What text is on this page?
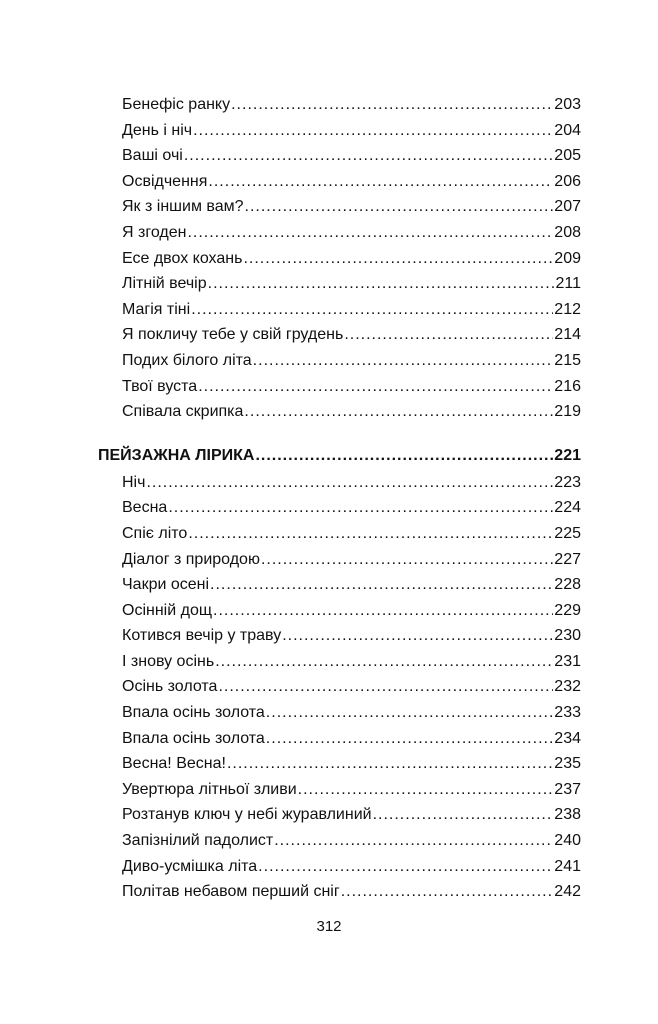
Бенефіс ранку .....	203
День і ніч .....	204
Ваші очі .....	205
Освідчення .....	206
Як з іншим вам? .....	207
Я згоден .....	208
Есе двох кохань .....	209
Літній вечір .....	211
Магія тіні .....	212
Я покличу тебе у свій грудень .....	214
Подих білого літа .....	215
Твої вуста .....	216
Співала скрипка .....	219
ПЕЙЗАЖНА ЛІРИКА .....	221
Ніч .....	223
Весна .....	224
Спіє літо .....	225
Діалог з природою .....	227
Чакри осені .....	228
Осінній дощ .....	229
Котився вечір у траву .....	230
І знову осінь .....	231
Осінь золота .....	232
Впала осінь золота .....	233
Впала осінь золота .....	234
Весна! Весна! .....	235
Увертюра літньої зливи .....	237
Розтанув ключ у небі журавлиний .....	238
Запізнілий падолист .....	240
Диво-усмішка літа .....	241
Політав небавом перший сніг .....	242
312
